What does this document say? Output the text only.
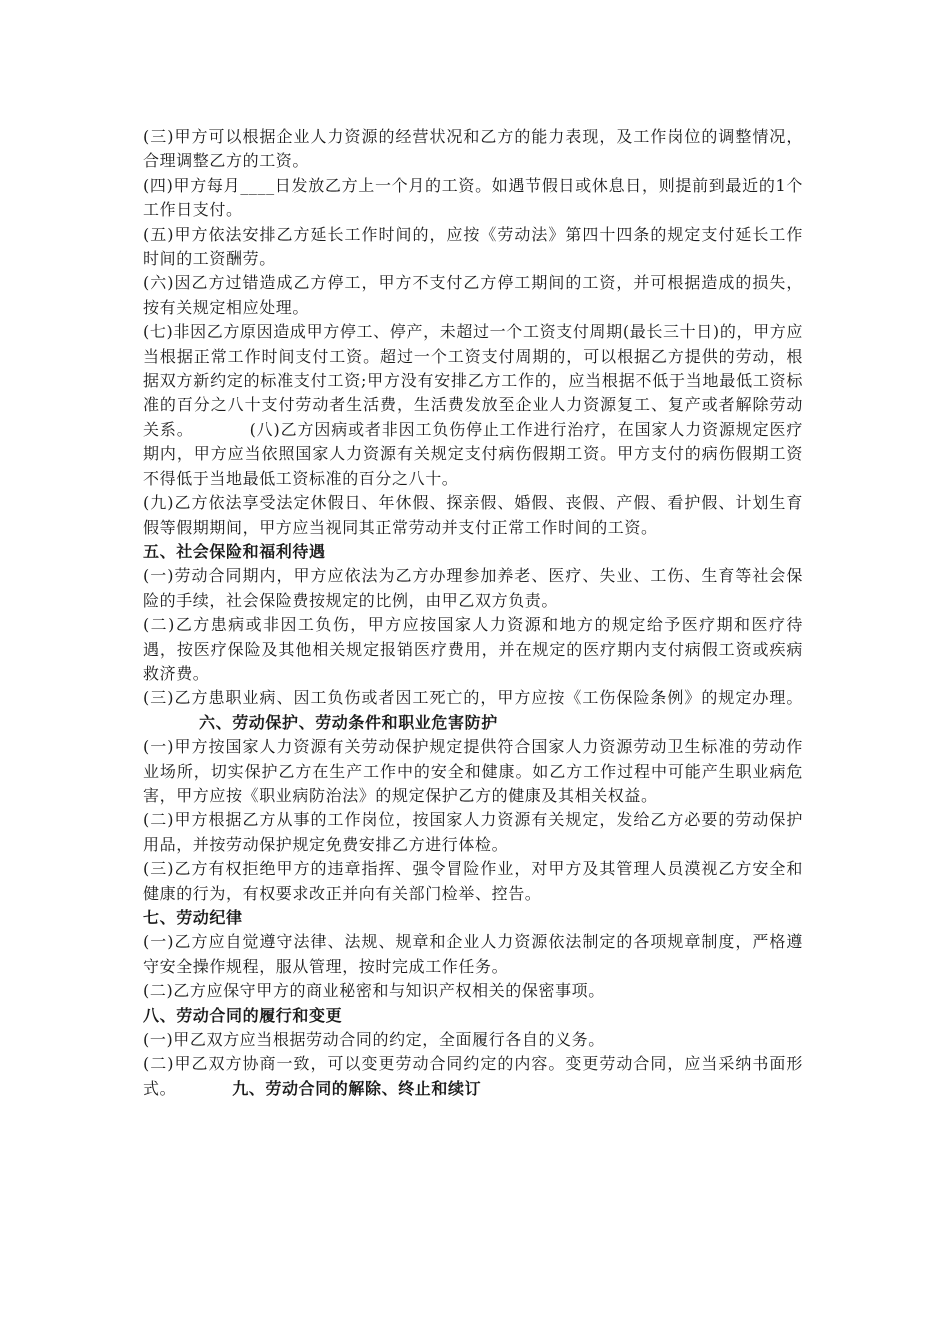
(三)甲方可以根据企业人力资源的经营状况和乙方的能力表现，及工作岗位的调整情况，合理调整乙方的工资。

(四)甲方每月____日发放乙方上一个月的工资。如遇节假日或休息日，则提前到最近的1个工作日支付。

(五)甲方依法安排乙方延长工作时间的，应按《劳动法》第四十四条的规定支付延长工作时间的工资酬劳。

(六)因乙方过错造成乙方停工，甲方不支付乙方停工期间的工资，并可根据造成的损失，按有关规定相应处理。

(七)非因乙方原因造成甲方停工、停产，未超过一个工资支付周期(最长三十日)的，甲方应当根据正常工作时间支付工资。超过一个工资支付周期的，可以根据乙方提供的劳动，根据双方新约定的标准支付工资;甲方没有安排乙方工作的，应当根据不低于当地最低工资标准的百分之八十支付劳动者生活费，生活费发放至企业人力资源复工、复产或者解除劳动关系。	(八)乙方因病或者非因工负伤停止工作进行治疗，在国家人力资源规定医疗期内，甲方应当依照国家人力资源有关规定支付病伤假期工资。甲方支付的病伤假期工资不得低于当地最低工资标准的百分之八十。

(九)乙方依法享受法定休假日、年休假、探亲假、婚假、丧假、产假、看护假、计划生育假等假期期间，甲方应当视同其正常劳动并支付正常工作时间的工资。

五、社会保险和福利待遇

(一)劳动合同期内，甲方应依法为乙方办理参加养老、医疗、失业、工伤、生育等社会保险的手续，社会保险费按规定的比例，由甲乙双方负责。

(二)乙方患病或非因工负伤，甲方应按国家人力资源和地方的规定给予医疗期和医疗待遇，按医疗保险及其他相关规定报销医疗费用，并在规定的医疗期内支付病假工资或疾病救济费。

(三)乙方患职业病、因工负伤或者因工死亡的，甲方应按《工伤保险条例》的规定办理。六、劳动保护、劳动条件和职业危害防护

(一)甲方按国家人力资源有关劳动保护规定提供符合国家人力资源劳动卫生标准的劳动作业场所，切实保护乙方在生产工作中的安全和健康。如乙方工作过程中可能产生职业病危害，甲方应按《职业病防治法》的规定保护乙方的健康及其相关权益。

(二)甲方根据乙方从事的工作岗位，按国家人力资源有关规定，发给乙方必要的劳动保护用品，并按劳动保护规定免费安排乙方进行体检。

(三)乙方有权拒绝甲方的违章指挥、强令冒险作业，对甲方及其管理人员漠视乙方安全和健康的行为，有权要求改正并向有关部门检举、控告。

七、劳动纪律

(一)乙方应自觉遵守法律、法规、规章和企业人力资源依法制定的各项规章制度，严格遵守安全操作规程，服从管理，按时完成工作任务。

(二)乙方应保守甲方的商业秘密和与知识产权相关的保密事项。

八、劳动合同的履行和变更

(一)甲乙双方应当根据劳动合同的约定，全面履行各自的义务。

(二)甲乙双方协商一致，可以变更劳动合同约定的内容。变更劳动合同，应当采纳书面形式。	九、劳动合同的解除、终止和续订
